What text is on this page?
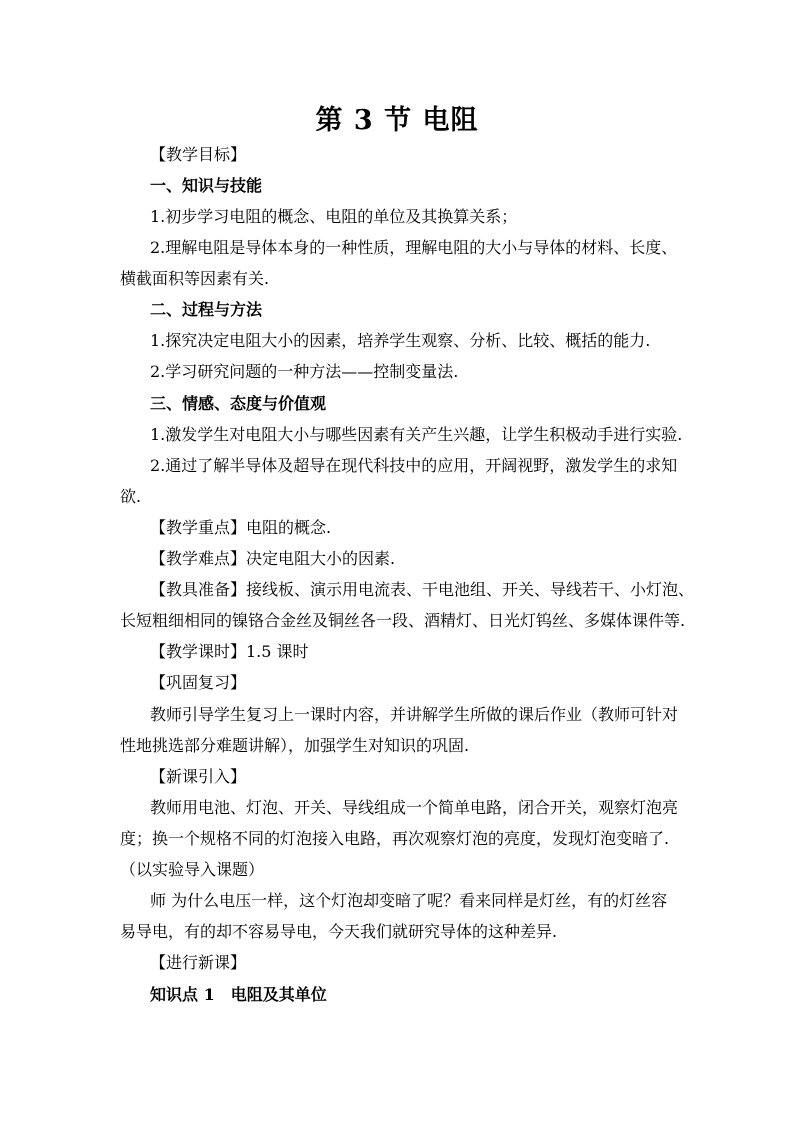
第 3 节 电阻
【教学目标】
一、知识与技能
1.初步学习电阻的概念、电阻的单位及其换算关系；
2.理解电阻是导体本身的一种性质，理解电阻的大小与导体的材料、长度、
横截面积等因素有关.
二、过程与方法
1.探究决定电阻大小的因素，培养学生观察、分析、比较、概括的能力.
2.学习研究问题的一种方法——控制变量法.
三、情感、态度与价值观
1.激发学生对电阻大小与哪些因素有关产生兴趣，让学生积极动手进行实验.
2.通过了解半导体及超导在现代科技中的应用，开阔视野，激发学生的求知
欲.
【教学重点】电阻的概念.
【教学难点】决定电阻大小的因素.
【教具准备】接线板、演示用电流表、干电池组、开关、导线若干、小灯泡、
长短粗细相同的镍铬合金丝及铜丝各一段、酒精灯、日光灯钨丝、多媒体课件等.
【教学课时】1.5 课时
【巩固复习】
教师引导学生复习上一课时内容，并讲解学生所做的课后作业（教师可针对
性地挑选部分难题讲解），加强学生对知识的巩固.
【新课引入】
教师用电池、灯泡、开关、导线组成一个简单电路，闭合开关，观察灯泡亮
度；换一个规格不同的灯泡接入电路，再次观察灯泡的亮度，发现灯泡变暗了.
（以实验导入课题）
师 为什么电压一样，这个灯泡却变暗了呢？看来同样是灯丝，有的灯丝容
易导电，有的却不容易导电，今天我们就研究导体的这种差异.
【进行新课】
知识点 1　电阻及其单位
